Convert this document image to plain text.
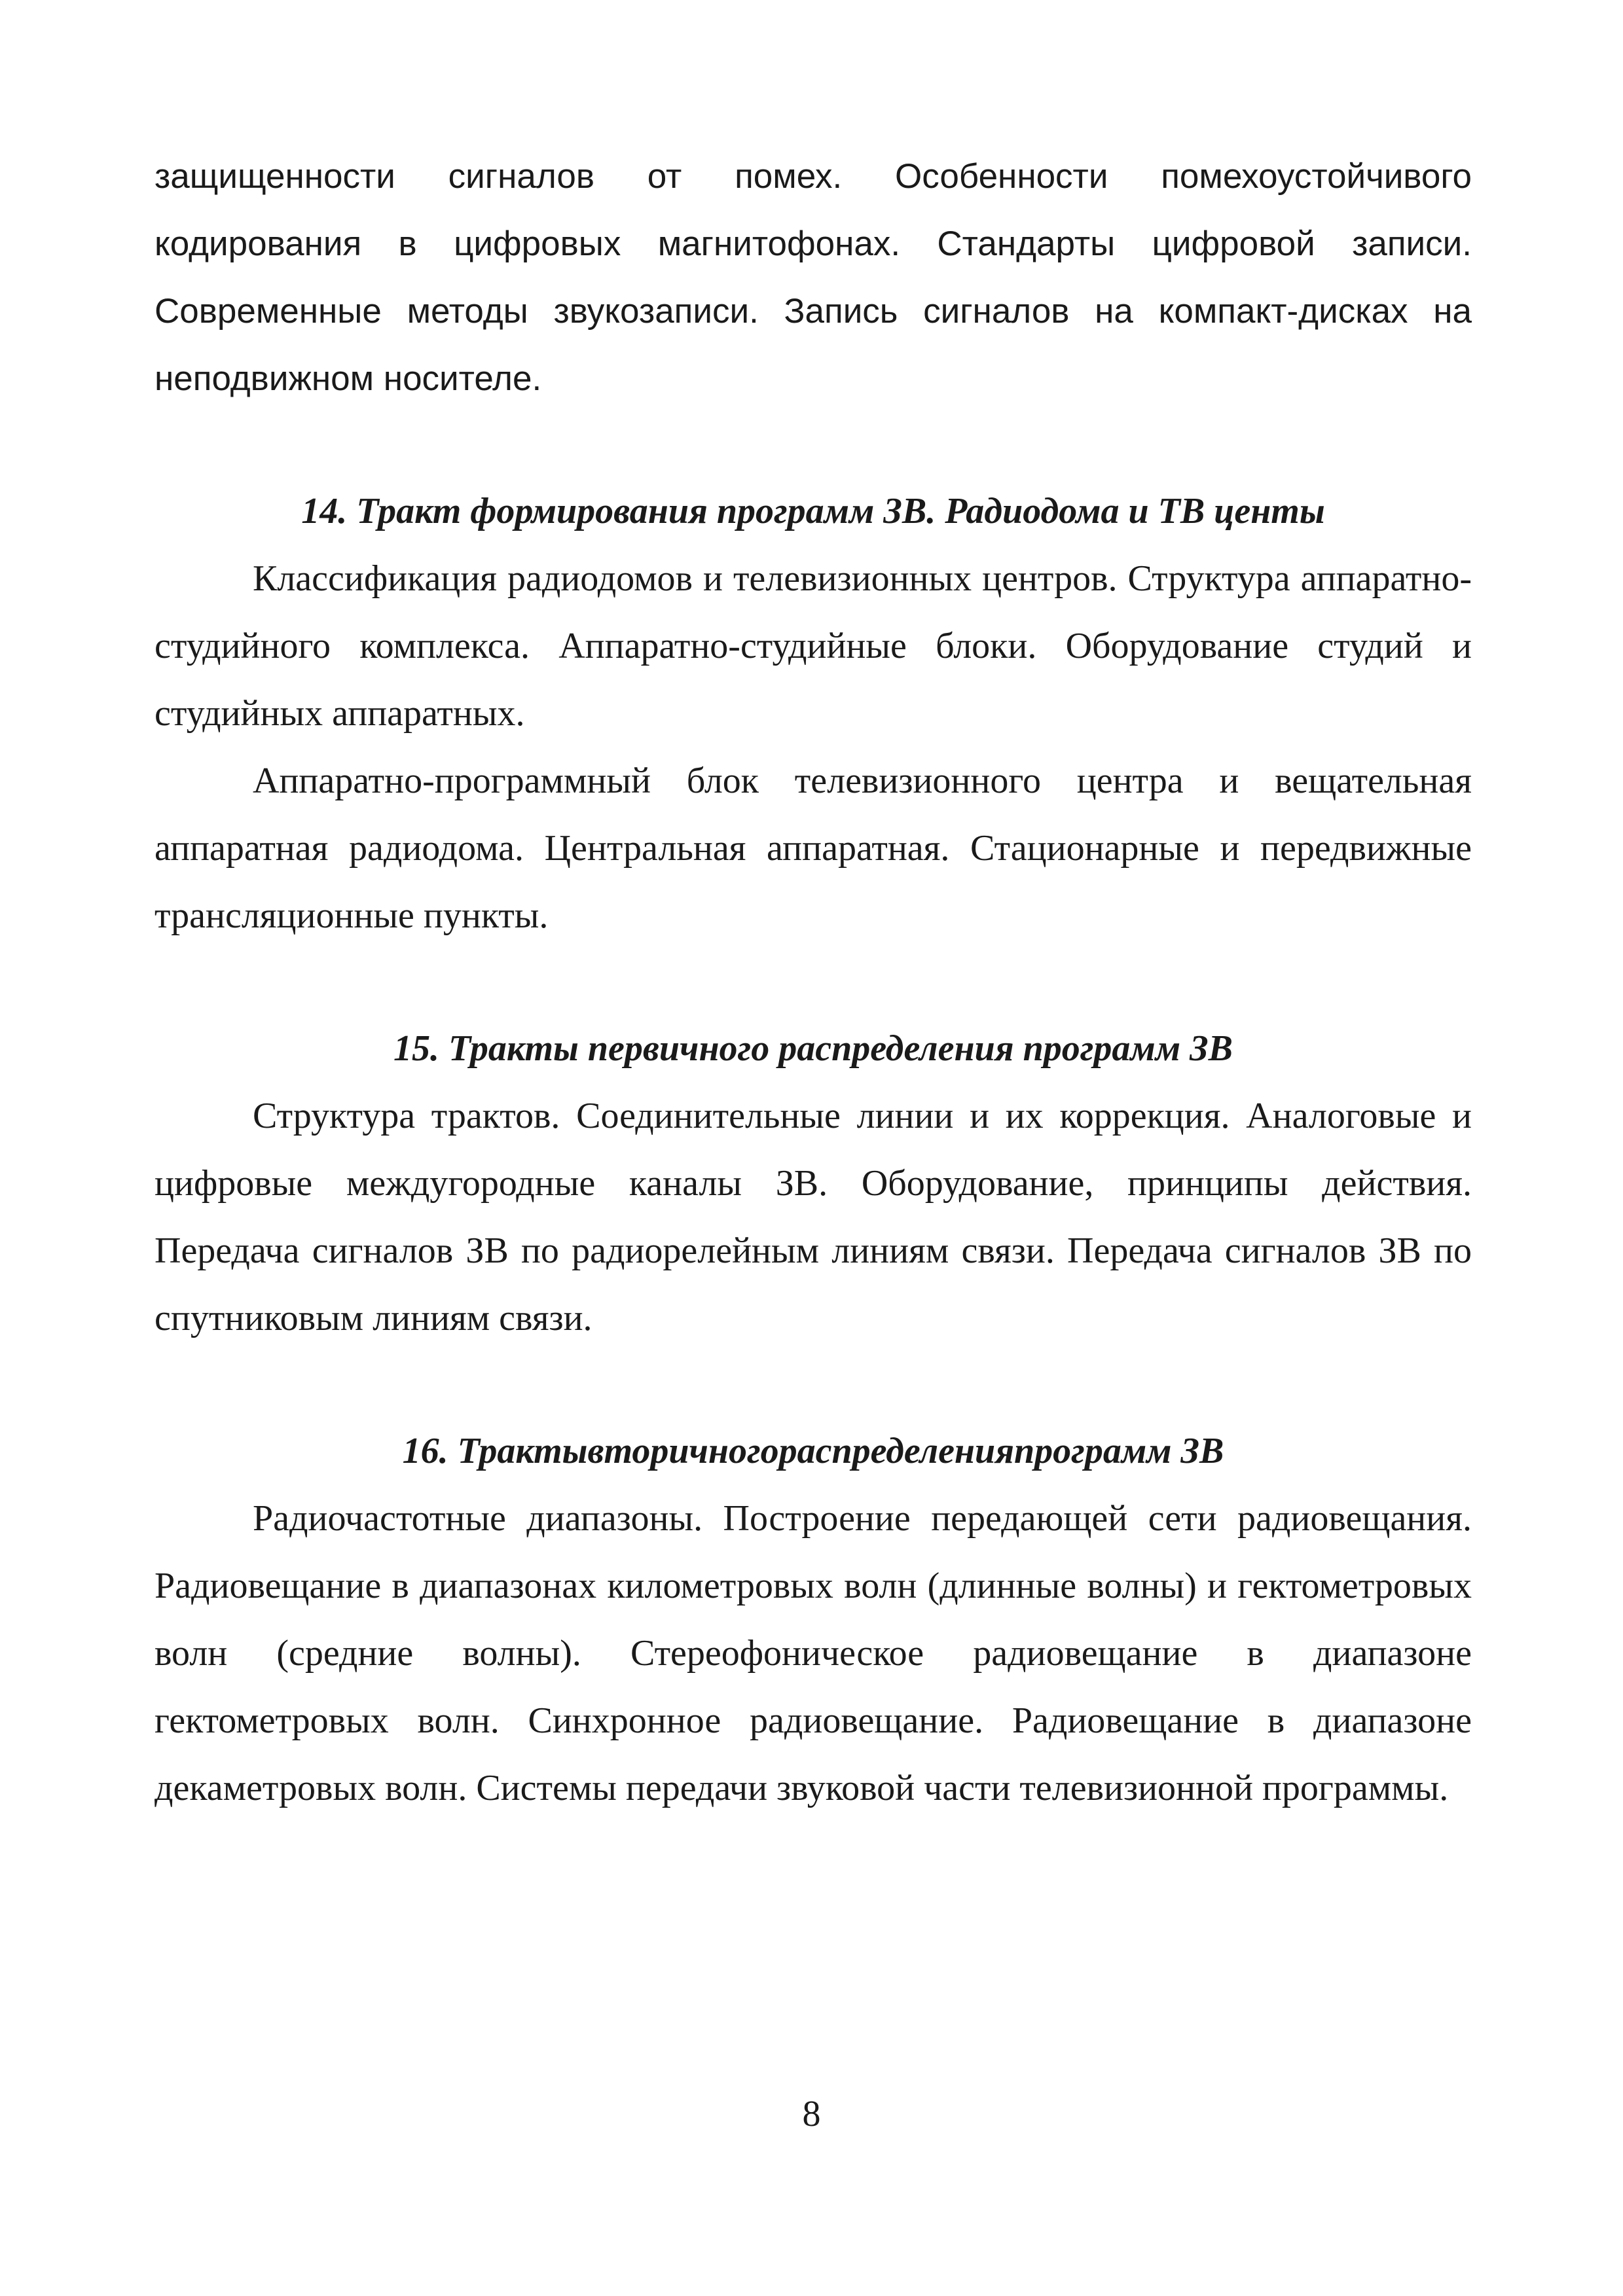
защищенности сигналов от помех. Особенности помехоустойчивого кодирования в цифровых магнитофонах. Стандарты цифровой записи. Современные методы звукозаписи. Запись сигналов на компакт-дисках на неподвижном носителе.

14. Тракт формирования программ ЗВ. Радиодома и ТВ центы

Классификация радиодомов и телевизионных центров. Структура аппаратно-студийного комплекса. Аппаратно-студийные блоки. Оборудование студий и студийных аппаратных.

Аппаратно-программный блок телевизионного центра и вещательная аппаратная радиодома. Центральная аппаратная. Стационарные и передвижные трансляционные пункты.

15. Тракты первичного распределения программ ЗВ

Структура трактов. Соединительные линии и их коррекция. Аналоговые и цифровые междугородные каналы ЗВ. Оборудование, принципы действия. Передача сигналов ЗВ по радиорелейным линиям связи. Передача сигналов ЗВ по спутниковым линиям связи.

16. Трактывторичногораспределенияпрограмм ЗВ

Радиочастотные диапазоны. Построение передающей сети радиовещания. Радиовещание в диапазонах километровых волн (длинные волны) и гектометровых волн (средние волны). Стереофоническое радиовещание в диапазоне гектометровых волн. Синхронное радиовещание. Радиовещание в диапазоне декаметровых волн. Системы передачи звуковой части телевизионной программы.

8
